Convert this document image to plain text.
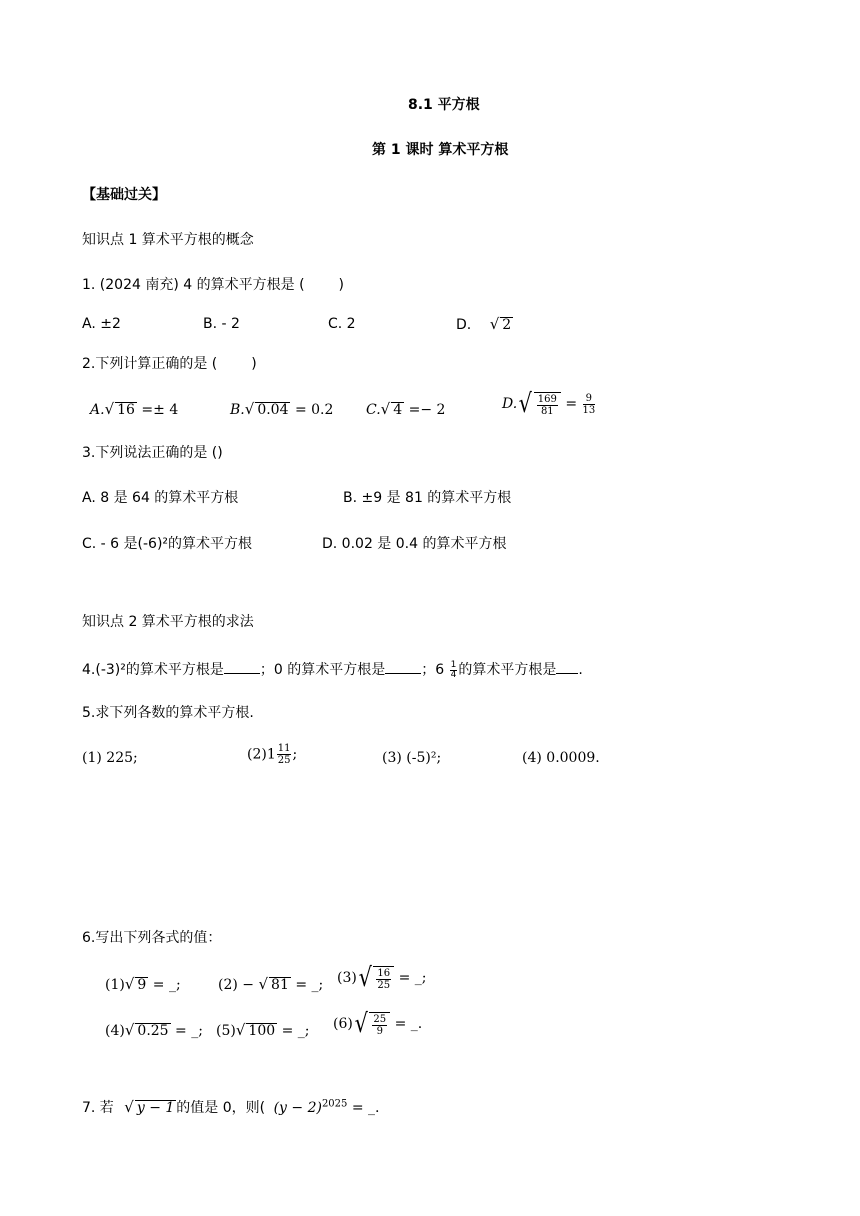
8.1 平方根
第 1 课时 算术平方根
【基础过关】
知识点 1 算术平方根的概念
1. (2024 南充) 4 的算术平方根是 ( )
A. ±2	B. - 2	C. 2	D. √ 2
2.下列计算正确的是 ( )
A.√ 16 =± 4	B.√ 0.04 = 0.2 C.√ 4 =− 2	D. √ $\frac{169}{81} = \frac{9}{13}$
3.下列说法正确的是 ()
A. 8 是 64 的算术平方根	B. ±9 是 81 的算术平方根
C. - 6 是(-6)²的算术平方根	D. 0.02 是 0.4 的算术平方根
知识点 2 算术平方根的求法
4.(-3)²的算术平方根是	；0 的算术平方根是	；$6 \frac{1}{4}$ 的算术平方根是 .
5.求下列各数的算术平方根.
(1) 225;	$(2)1 \frac{11}{25}$ ;	(3) (-5)²;	(4) 0.0009.
6.写出下列各式的值：
(1)√ 9 = _;	(2) − √ 81 = _; (3) √ $\frac{16}{25}$ = _;
(4)√ 0.25 = _; (5)√ 100 = _; (6) √ $\frac{25}{9}$ = _.
7. 若 √ y − 1 的值是 0，则( $(y - 2)^{2025}$ = _.
